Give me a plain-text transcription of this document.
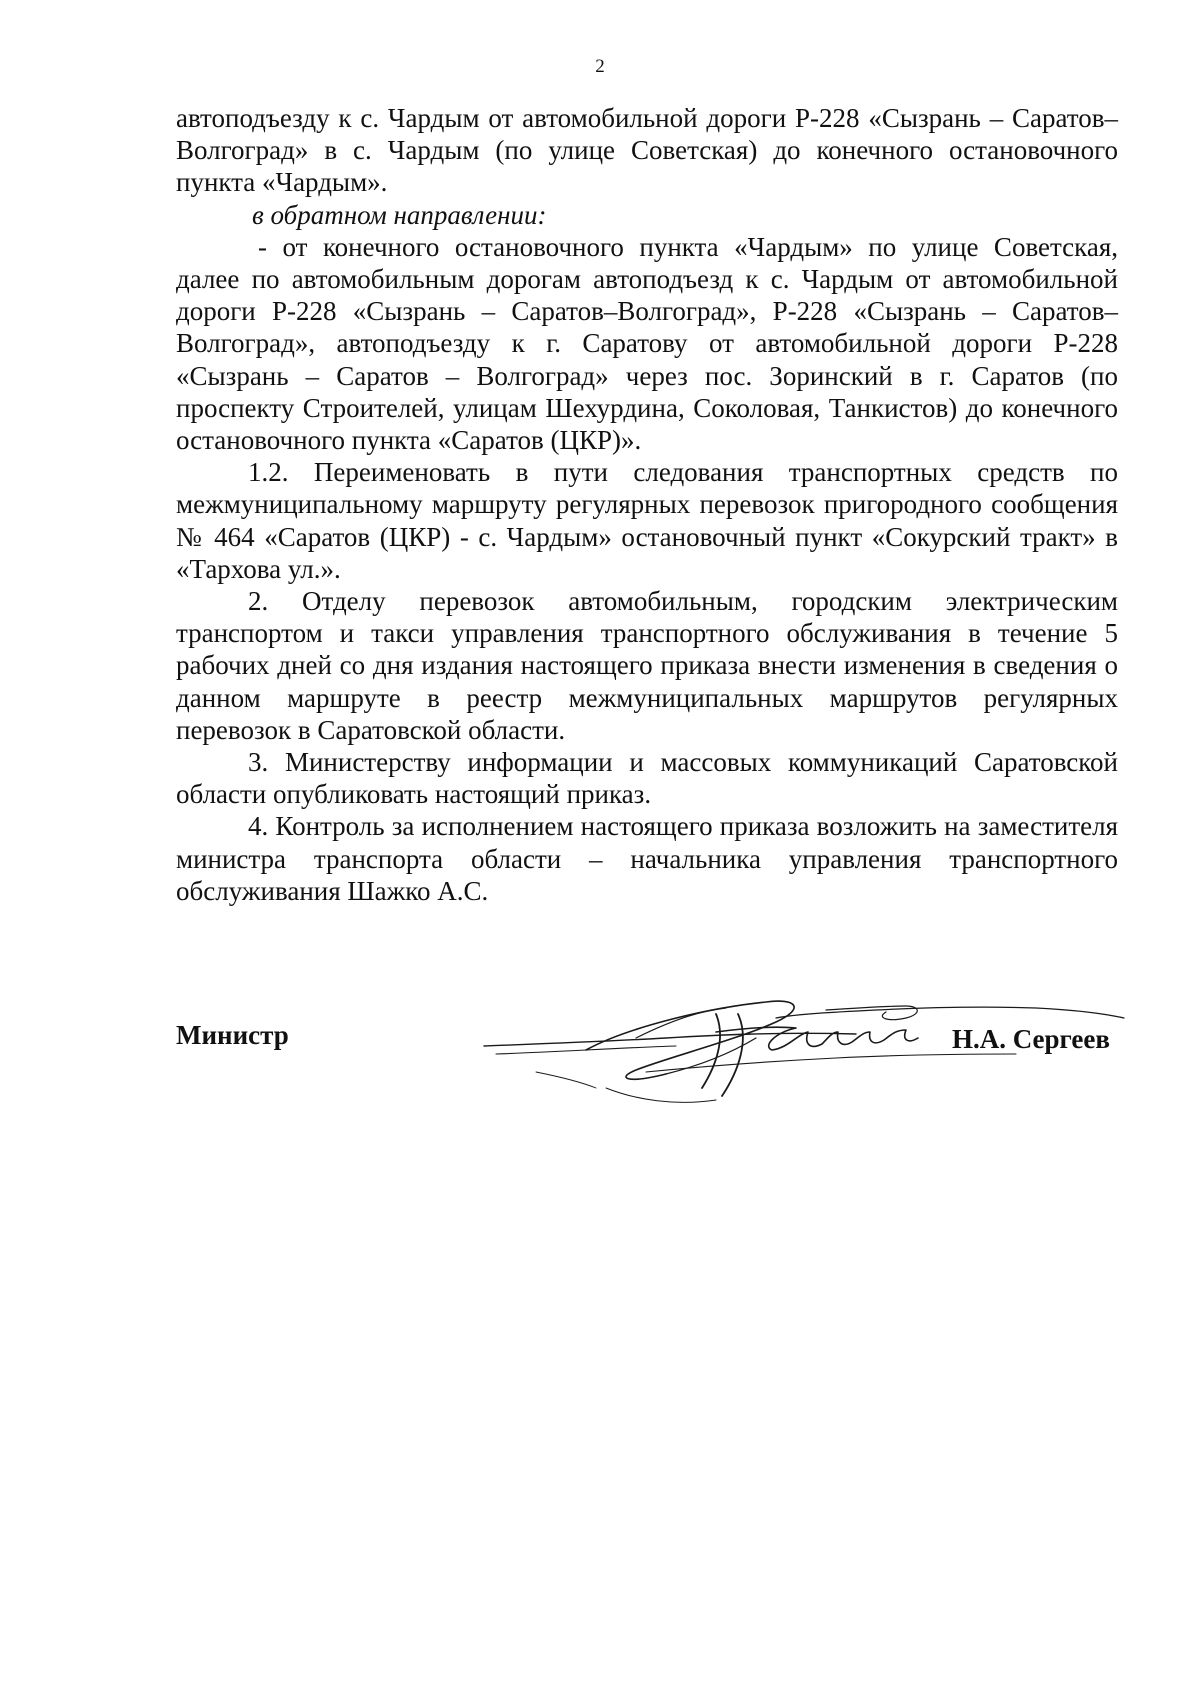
2

автоподъезду к с. Чардым от автомобильной дороги Р-228 «Сызрань – Саратов–Волгоград» в с. Чардым (по улице Советская) до конечного остановочного пункта «Чардым».

в обратном направлении:

- от конечного остановочного пункта «Чардым» по улице Советская, далее по автомобильным дорогам автоподъезд к с. Чардым от автомобильной дороги Р-228 «Сызрань – Саратов–Волгоград», Р-228 «Сызрань – Саратов–Волгоград», автоподъезду к г. Саратову от автомобильной дороги Р-228 «Сызрань – Саратов – Волгоград» через пос. Зоринский в г. Саратов (по проспекту Строителей, улицам Шехурдина, Соколовая, Танкистов) до конечного остановочного пункта «Саратов (ЦКР)».

1.2. Переименовать в пути следования транспортных средств по межмуниципальному маршруту регулярных перевозок пригородного сообщения № 464 «Саратов (ЦКР) - с. Чардым» остановочный пункт «Сокурский тракт» в «Тархова ул.».

2. Отделу перевозок автомобильным, городским электрическим транспортом и такси управления транспортного обслуживания в течение 5 рабочих дней со дня издания настоящего приказа внести изменения в сведения о данном маршруте в реестр межмуниципальных маршрутов регулярных перевозок в Саратовской области.

3. Министерству информации и массовых коммуникаций Саратовской области опубликовать настоящий приказ.

4. Контроль за исполнением настоящего приказа возложить на заместителя министра транспорта области – начальника управления транспортного обслуживания Шажко А.С.

Министр	Н.А. Сергеев
